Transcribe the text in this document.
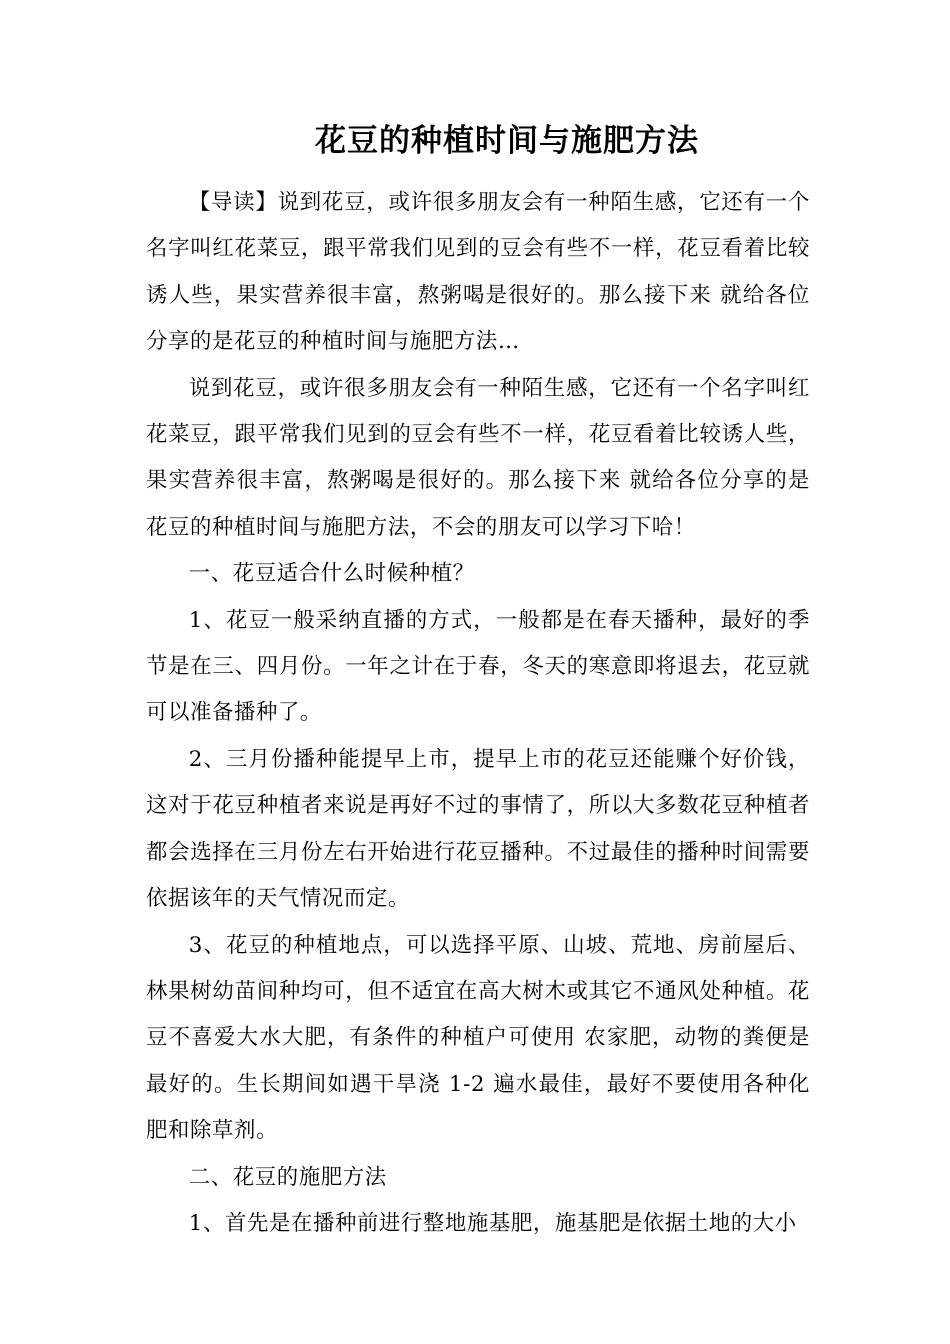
花豆的种植时间与施肥方法

【导读】说到花豆，或许很多朋友会有一种陌生感，它还有一个名字叫红花菜豆，跟平常我们见到的豆会有些不一样，花豆看着比较诱人些，果实营养很丰富，熬粥喝是很好的。那么接下来 就给各位分享的是花豆的种植时间与施肥方法…

说到花豆，或许很多朋友会有一种陌生感，它还有一个名字叫红花菜豆，跟平常我们见到的豆会有些不一样，花豆看着比较诱人些，果实营养很丰富，熬粥喝是很好的。那么接下来 就给各位分享的是花豆的种植时间与施肥方法，不会的朋友可以学习下哈！

一、花豆适合什么时候种植？

1、花豆一般采纳直播的方式，一般都是在春天播种，最好的季节是在三、四月份。一年之计在于春，冬天的寒意即将退去，花豆就可以准备播种了。

2、三月份播种能提早上市，提早上市的花豆还能赚个好价钱，这对于花豆种植者来说是再好不过的事情了，所以大多数花豆种植者都会选择在三月份左右开始进行花豆播种。不过最佳的播种时间需要依据该年的天气情况而定。

3、花豆的种植地点，可以选择平原、山坡、荒地、房前屋后、林果树幼苗间种均可，但不适宜在高大树木或其它不通风处种植。花豆不喜爱大水大肥，有条件的种植户可使用 农家肥，动物的粪便是最好的。生长期间如遇干旱浇 1-2 遍水最佳，最好不要使用各种化肥和除草剂。

二、花豆的施肥方法

1、首先是在播种前进行整地施基肥，施基肥是依据土地的大小
